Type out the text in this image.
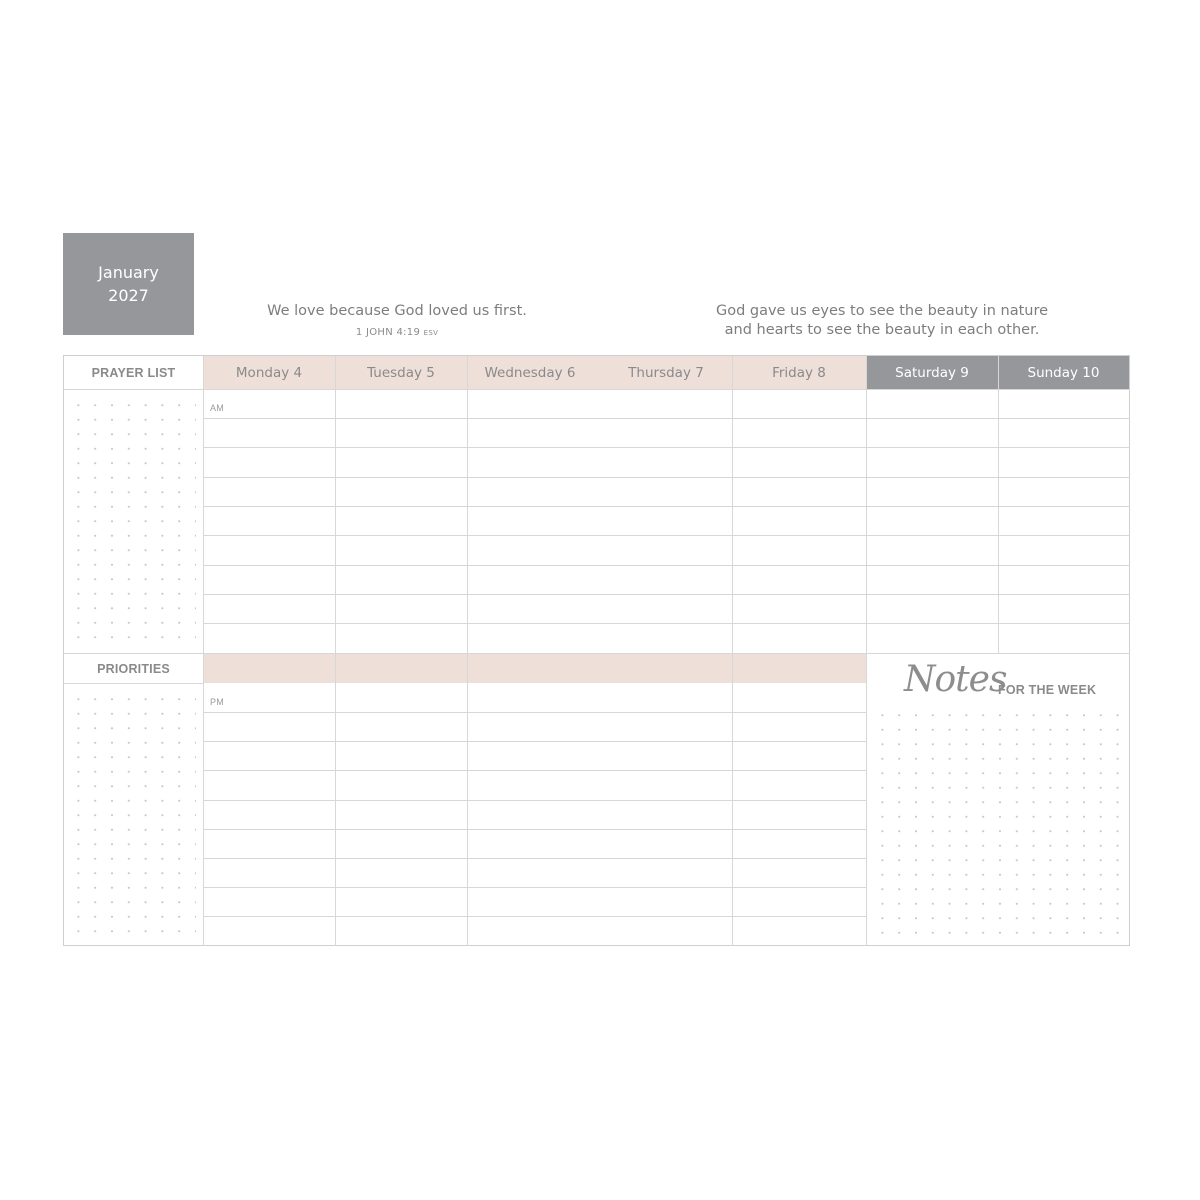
January
2027
We love because God loved us first.
1 JOHN 4:19 ESV
God gave us eyes to see the beauty in nature
and hearts to see the beauty in each other.
PRAYER LIST
PRIORITIES
Monday 4	Tuesday 5	Wednesday 6	Thursday 7	Friday 8	Saturday 9	Sunday 10
AM
PM
Notes
FOR THE WEEK
